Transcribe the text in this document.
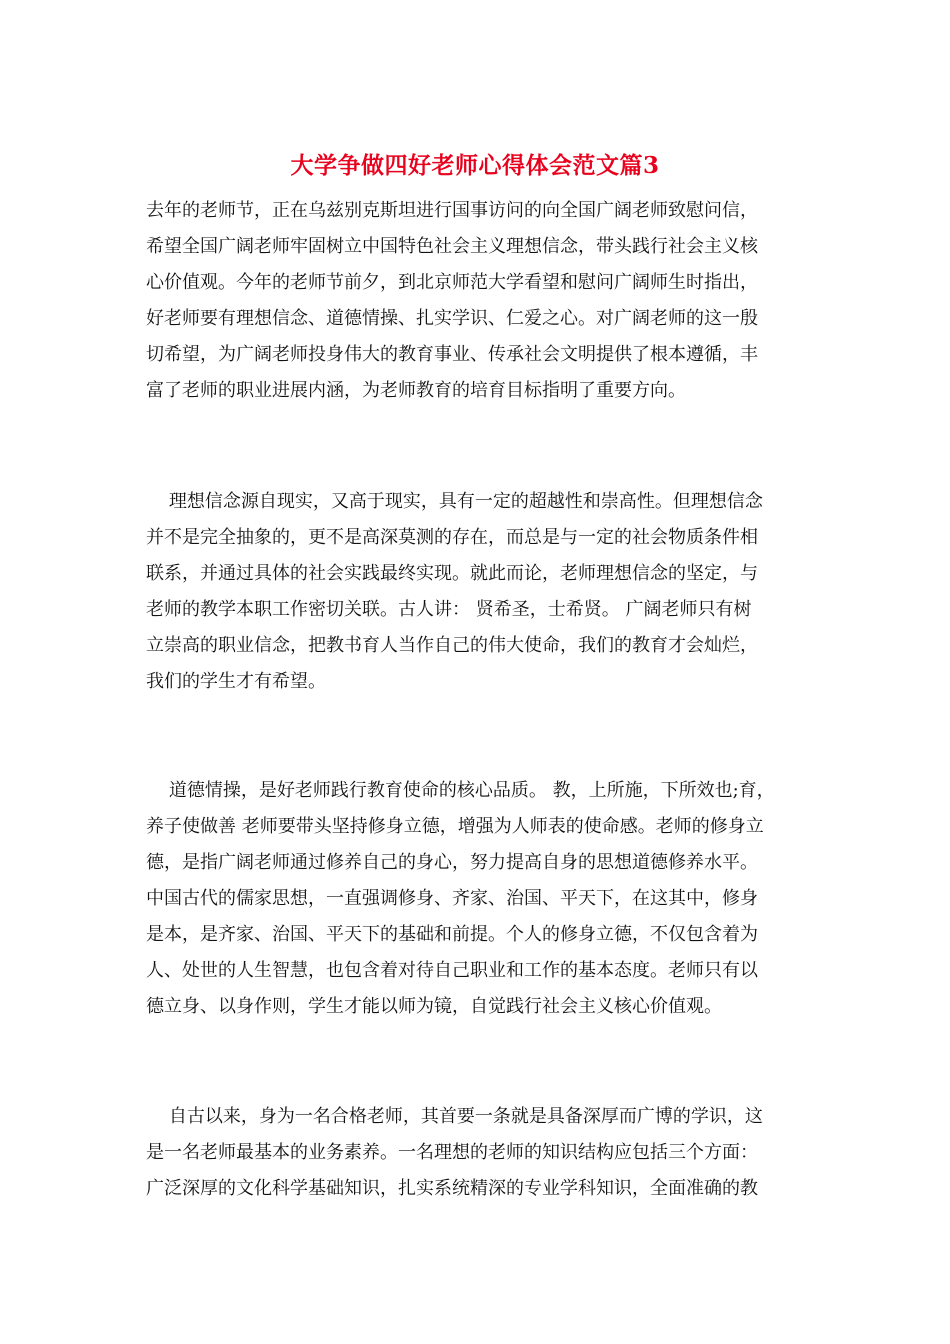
大学争做四好老师心得体会范文篇3
去年的老师节，正在乌兹别克斯坦进行国事访问的向全国广阔老师致慰问信，
希望全国广阔老师牢固树立中国特色社会主义理想信念，带头践行社会主义核
心价值观。今年的老师节前夕，到北京师范大学看望和慰问广阔师生时指出，
好老师要有理想信念、道德情操、扎实学识、仁爱之心。对广阔老师的这一殷
切希望，为广阔老师投身伟大的教育事业、传承社会文明提供了根本遵循，丰
富了老师的职业进展内涵，为老师教育的培育目标指明了重要方向。
理想信念源自现实，又高于现实，具有一定的超越性和崇高性。但理想信念
并不是完全抽象的，更不是高深莫测的存在，而总是与一定的社会物质条件相
联系，并通过具体的社会实践最终实现。就此而论，老师理想信念的坚定，与
老师的教学本职工作密切关联。古人讲： 贤希圣，士希贤。 广阔老师只有树
立崇高的职业信念，把教书育人当作自己的伟大使命，我们的教育才会灿烂，
我们的学生才有希望。
道德情操，是好老师践行教育使命的核心品质。 教，上所施，下所效也;育，
养子使做善 老师要带头坚持修身立德，增强为人师表的使命感。老师的修身立
德，是指广阔老师通过修养自己的身心，努力提高自身的思想道德修养水平。
中国古代的儒家思想，一直强调修身、齐家、治国、平天下，在这其中，修身
是本，是齐家、治国、平天下的基础和前提。个人的修身立德，不仅包含着为
人、处世的人生智慧，也包含着对待自己职业和工作的基本态度。老师只有以
德立身、以身作则，学生才能以师为镜，自觉践行社会主义核心价值观。
自古以来，身为一名合格老师，其首要一条就是具备深厚而广博的学识，这
是一名老师最基本的业务素养。一名理想的老师的知识结构应包括三个方面：
广泛深厚的文化科学基础知识，扎实系统精深的专业学科知识，全面准确的教
